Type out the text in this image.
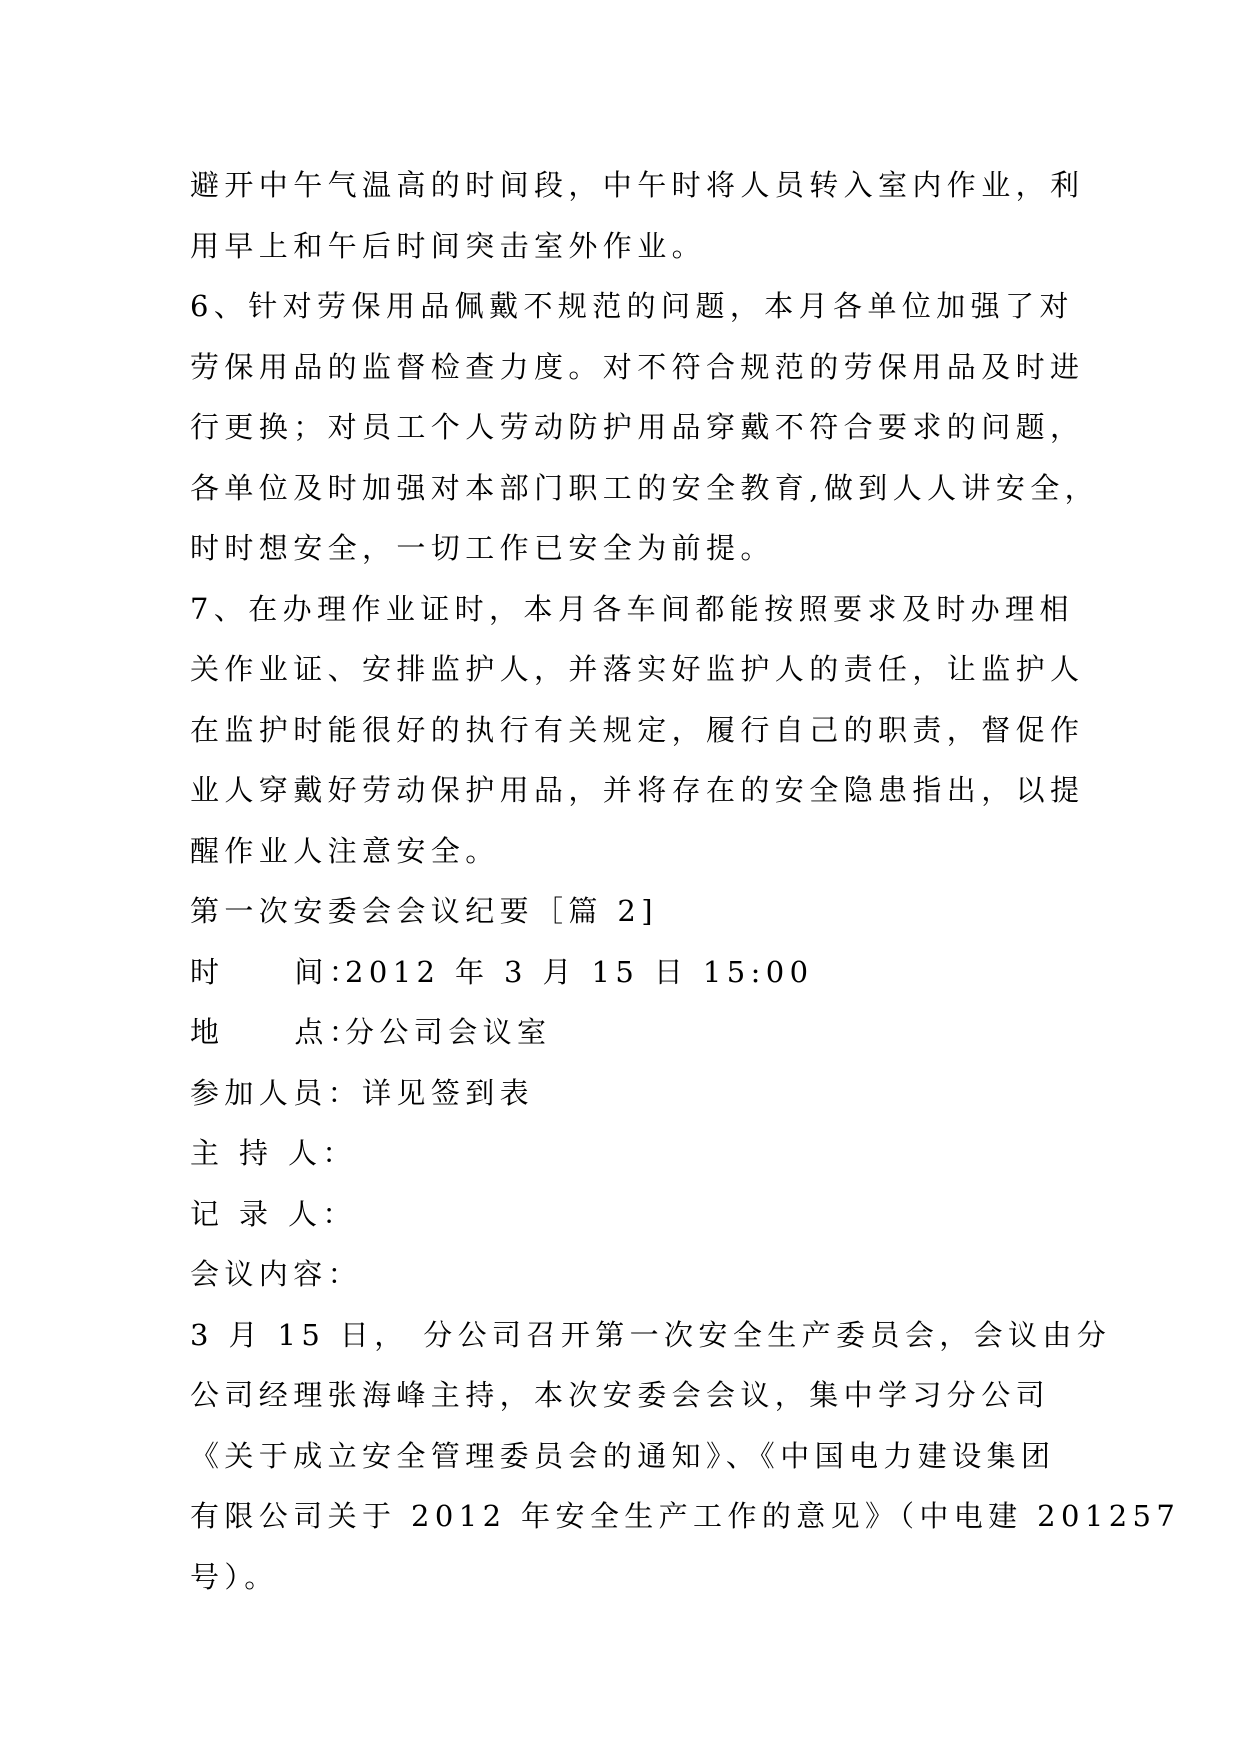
避开中午气温高的时间段，中午时将人员转入室内作业，利
用早上和午后时间突击室外作业。
6、针对劳保用品佩戴不规范的问题，本月各单位加强了对
劳保用品的监督检查力度。对不符合规范的劳保用品及时进
行更换；对员工个人劳动防护用品穿戴不符合要求的问题，
各单位及时加强对本部门职工的安全教育,做到人人讲安全，
时时想安全，一切工作已安全为前提。
7、在办理作业证时，本月各车间都能按照要求及时办理相
关作业证、安排监护人，并落实好监护人的责任，让监护人
在监护时能很好的执行有关规定，履行自己的职责，督促作
业人穿戴好劳动保护用品，并将存在的安全隐患指出，以提
醒作业人注意安全。
第一次安委会会议纪要［篇 2]
时 间：2012 年 3 月 15 日 15:00
地 点：分公司会议室
参加人员：详见签到表
主 持 人：
记 录 人：
会议内容：
3 月 15 日， 分公司召开第一次安全生产委员会，会议由分
公司经理张海峰主持，本次安委会会议，集中学习分公司
《关于成立安全管理委员会的通知》、《中国电力建设集团
有限公司关于 2012 年安全生产工作的意见》（中电建 201257
号）。
